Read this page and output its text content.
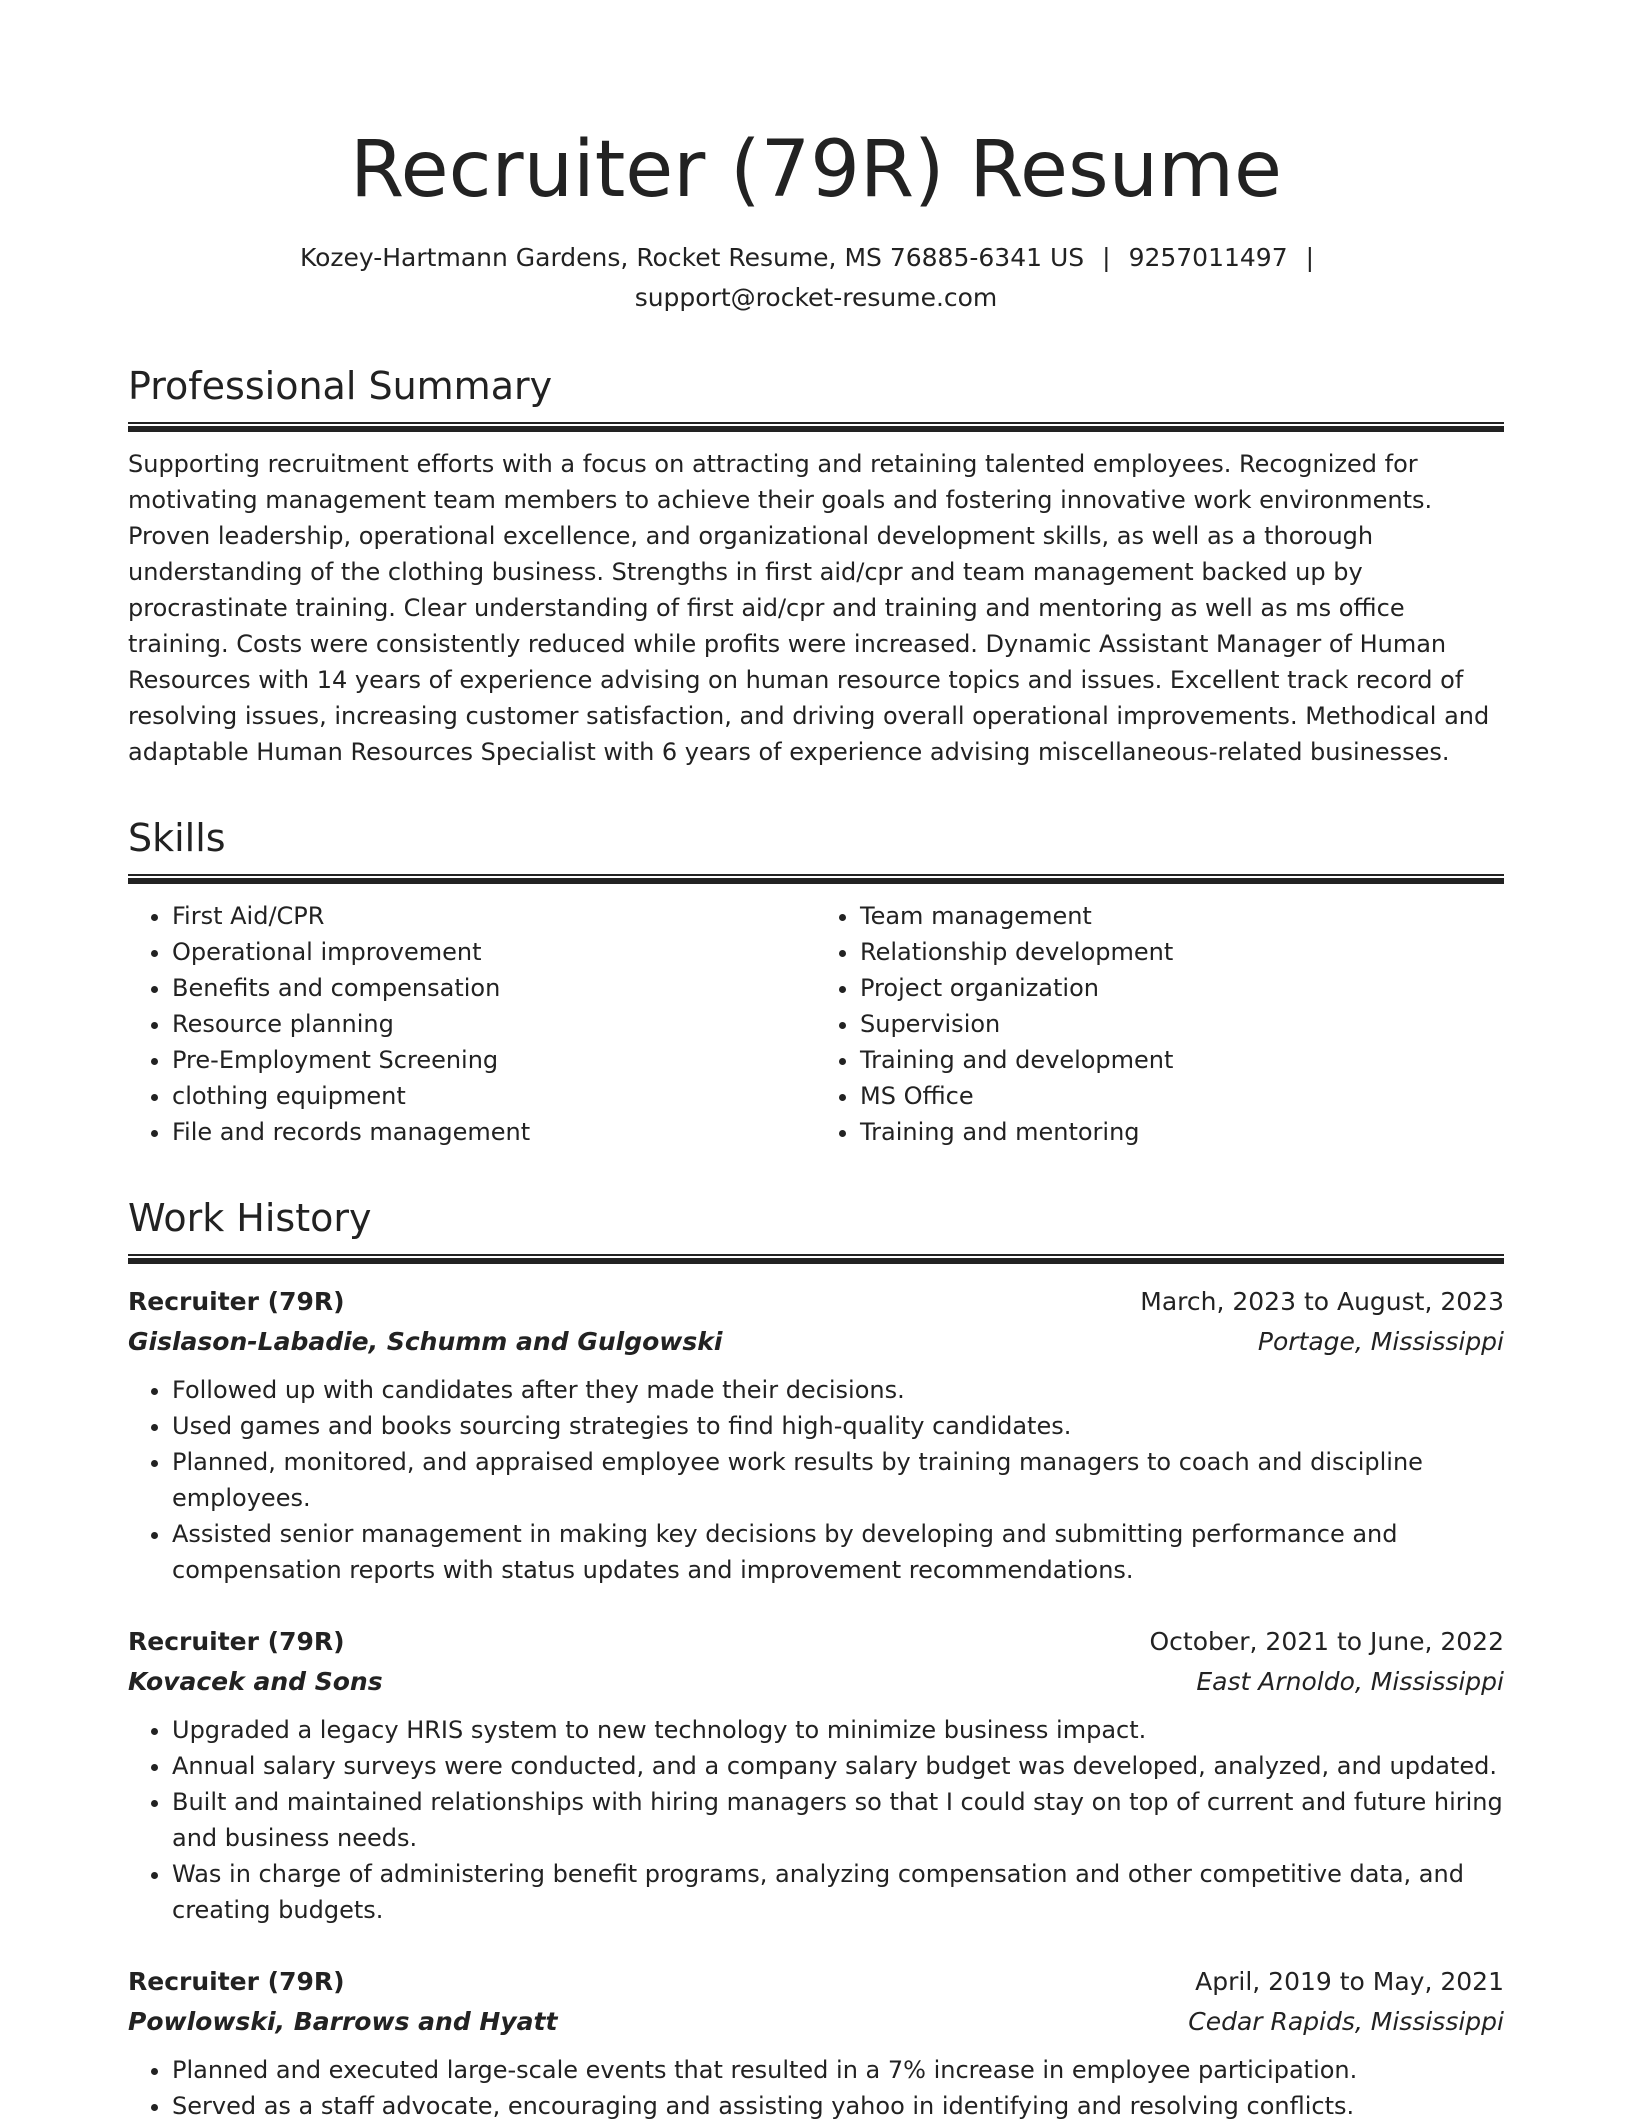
Recruiter (79R) Resume
Kozey-Hartmann Gardens, Rocket Resume, MS 76885-6341 US | 9257011497 |
support@rocket-resume.com
Professional Summary

Supporting recruitment efforts with a focus on attracting and retaining talented employees. Recognized for motivating management team members to achieve their goals and fostering innovative work environments. Proven leadership, operational excellence, and organizational development skills, as well as a thorough understanding of the clothing business. Strengths in first aid/cpr and team management backed up by procrastinate training. Clear understanding of first aid/cpr and training and mentoring as well as ms office training. Costs were consistently reduced while profits were increased. Dynamic Assistant Manager of Human Resources with 14 years of experience advising on human resource topics and issues. Excellent track record of resolving issues, increasing customer satisfaction, and driving overall operational improvements. Methodical and adaptable Human Resources Specialist with 6 years of experience advising miscellaneous-related businesses.

Skills
• First Aid/CPR
• Operational improvement
• Benefits and compensation
• Resource planning
• Pre-Employment Screening
• clothing equipment
• File and records management
• Team management
• Relationship development
• Project organization
• Supervision
• Training and development
• MS Office
• Training and mentoring
Work History
Recruiter (79R)	March, 2023 to August, 2023
Gislason-Labadie, Schumm and Gulgowski	Portage, Mississippi
• Followed up with candidates after they made their decisions.
• Used games and books sourcing strategies to find high-quality candidates.
• Planned, monitored, and appraised employee work results by training managers to coach and discipline employees.
• Assisted senior management in making key decisions by developing and submitting performance and compensation reports with status updates and improvement recommendations.
Recruiter (79R)	October, 2021 to June, 2022
Kovacek and Sons	East Arnoldo, Mississippi
• Upgraded a legacy HRIS system to new technology to minimize business impact.
• Annual salary surveys were conducted, and a company salary budget was developed, analyzed, and updated.
• Built and maintained relationships with hiring managers so that I could stay on top of current and future hiring and business needs.
• Was in charge of administering benefit programs, analyzing compensation and other competitive data, and creating budgets.
Recruiter (79R)	April, 2019 to May, 2021
Powlowski, Barrows and Hyatt	Cedar Rapids, Mississippi
• Planned and executed large-scale events that resulted in a 7% increase in employee participation.
• Served as a staff advocate, encouraging and assisting yahoo in identifying and resolving conflicts.
